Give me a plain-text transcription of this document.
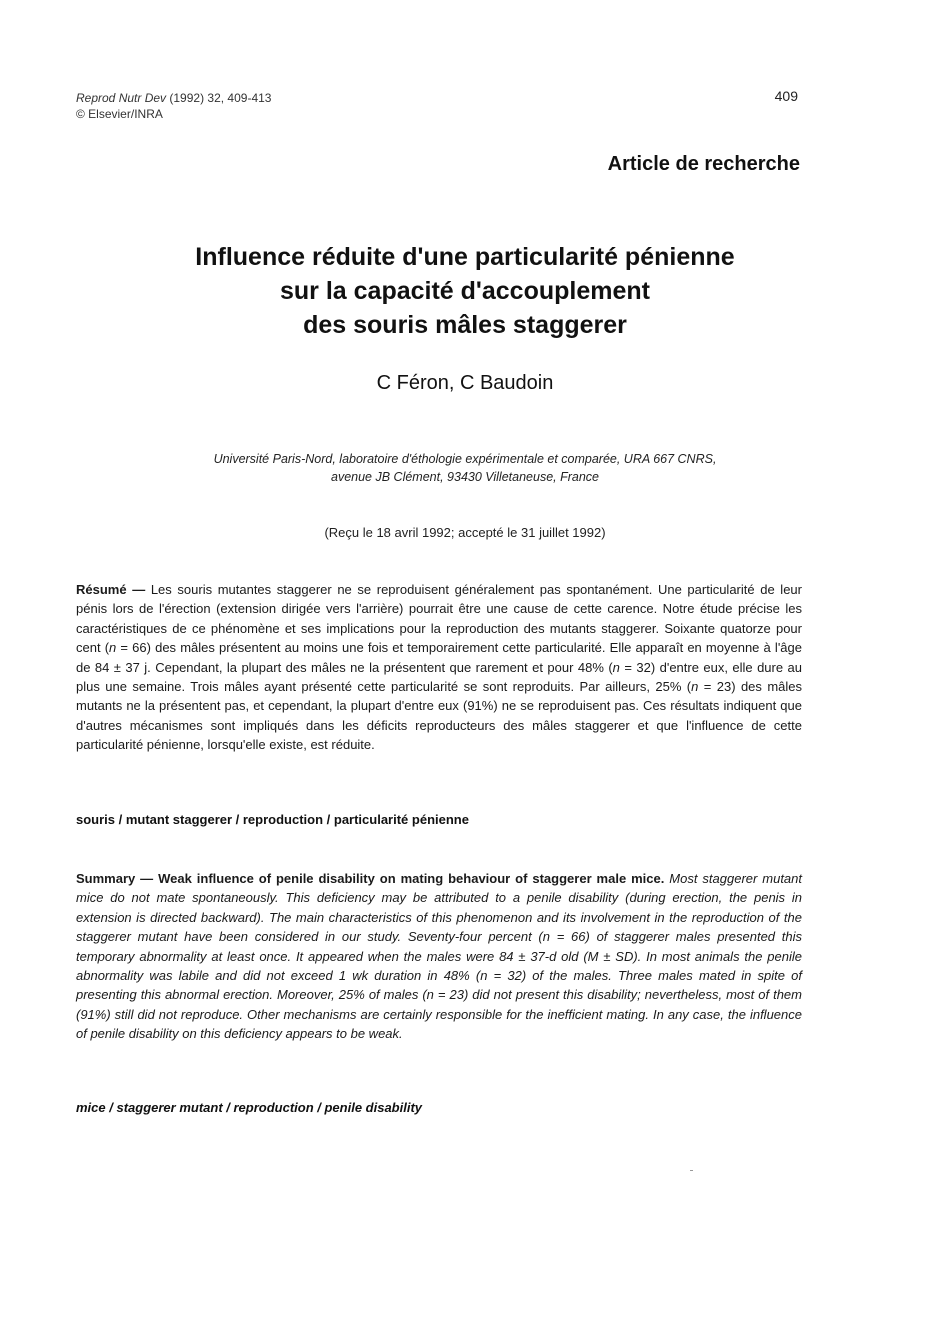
Reprod Nutr Dev (1992) 32, 409-413
© Elsevier/INRA
409
Article de recherche
Influence réduite d'une particularité pénienne
sur la capacité d'accouplement
des souris mâles staggerer
C Féron, C Baudoin
Université Paris-Nord, laboratoire d'éthologie expérimentale et comparée, URA 667 CNRS,
avenue JB Clément, 93430 Villetaneuse, France
(Reçu le 18 avril 1992; accepté le 31 juillet 1992)
Résumé — Les souris mutantes staggerer ne se reproduisent généralement pas spontanément. Une particularité de leur pénis lors de l'érection (extension dirigée vers l'arrière) pourrait être une cause de cette carence. Notre étude précise les caractéristiques de ce phénomène et ses implications pour la reproduction des mutants staggerer. Soixante quatorze pour cent (n = 66) des mâles présentent au moins une fois et temporairement cette particularité. Elle apparaît en moyenne à l'âge de 84 ± 37 j. Cependant, la plupart des mâles ne la présentent que rarement et pour 48% (n = 32) d'entre eux, elle dure au plus une semaine. Trois mâles ayant présenté cette particularité se sont reproduits. Par ailleurs, 25% (n = 23) des mâles mutants ne la présentent pas, et cependant, la plupart d'entre eux (91%) ne se reproduisent pas. Ces résultats indiquent que d'autres mécanismes sont impliqués dans les déficits reproducteurs des mâles staggerer et que l'influence de cette particularité pénienne, lorsqu'elle existe, est réduite.
souris / mutant staggerer / reproduction / particularité pénienne
Summary — Weak influence of penile disability on mating behaviour of staggerer male mice. Most staggerer mutant mice do not mate spontaneously. This deficiency may be attributed to a penile disability (during erection, the penis in extension is directed backward). The main characteristics of this phenomenon and its involvement in the reproduction of the staggerer mutant have been considered in our study. Seventy-four percent (n = 66) of staggerer males presented this temporary abnormality at least once. It appeared when the males were 84 ± 37-d old (M ± SD). In most animals the penile abnormality was labile and did not exceed 1 wk duration in 48% (n = 32) of the males. Three males mated in spite of presenting this abnormal erection. Moreover, 25% of males (n = 23) did not present this disability; nevertheless, most of them (91%) still did not reproduce. Other mechanisms are certainly responsible for the inefficient mating. In any case, the influence of penile disability on this deficiency appears to be weak.
mice / staggerer mutant / reproduction / penile disability
